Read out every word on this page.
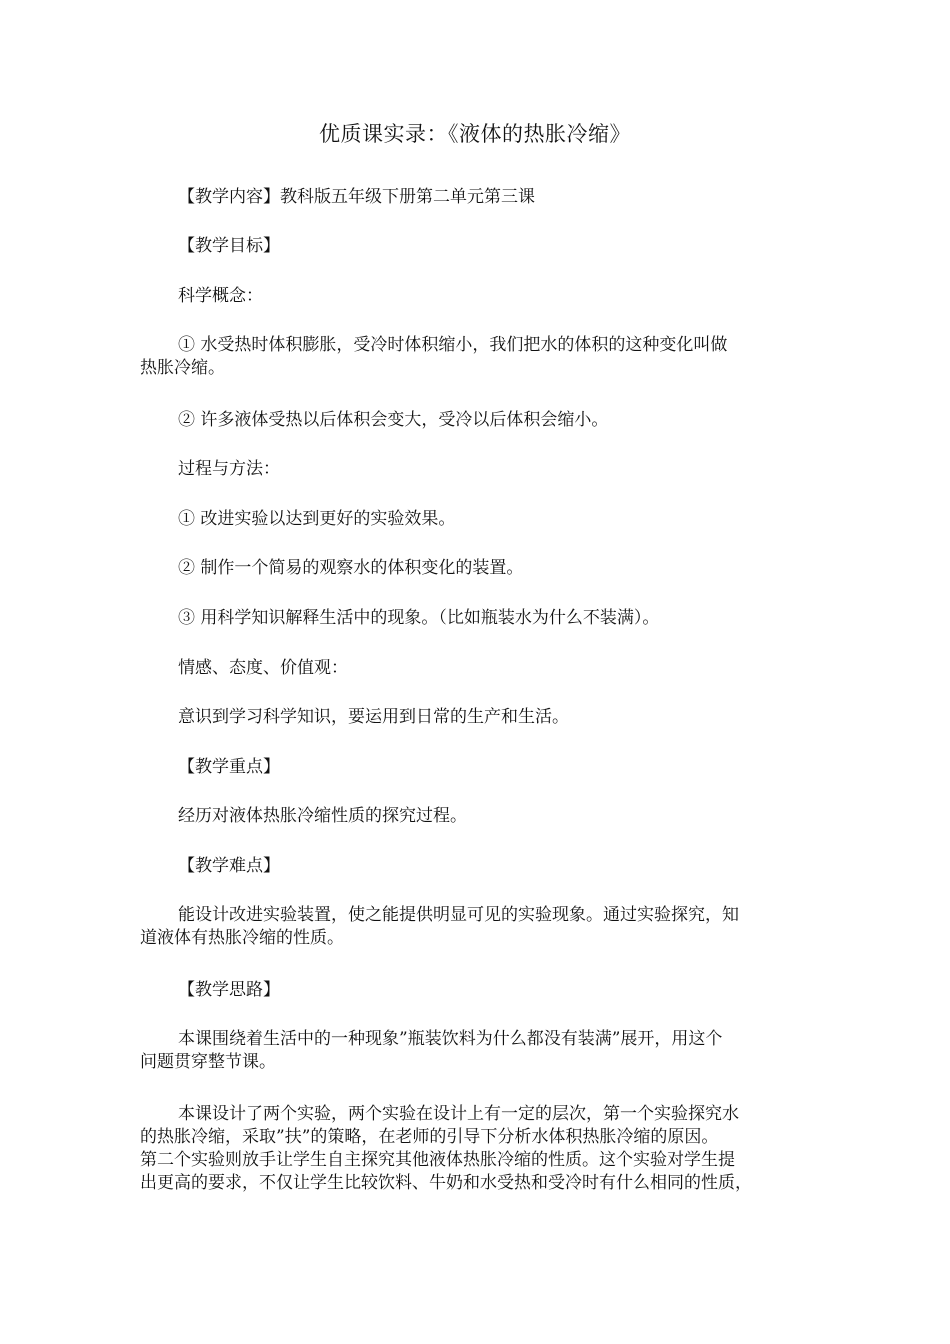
优质课实录：《液体的热胀冷缩》
【教学内容】教科版五年级下册第二单元第三课
【教学目标】
科学概念：
① 水受热时体积膨胀，受冷时体积缩小，我们把水的体积的这种变化叫做
热胀冷缩。
② 许多液体受热以后体积会变大，受冷以后体积会缩小。
过程与方法：
① 改进实验以达到更好的实验效果。
② 制作一个简易的观察水的体积变化的装置。
③ 用科学知识解释生活中的现象。（比如瓶装水为什么不装满）。
情感、态度、价值观：
意识到学习科学知识，要运用到日常的生产和生活。
【教学重点】
经历对液体热胀冷缩性质的探究过程。
【教学难点】
能设计改进实验装置，使之能提供明显可见的实验现象。通过实验探究，知
道液体有热胀冷缩的性质。
【教学思路】
本课围绕着生活中的一种现象”瓶装饮料为什么都没有装满”展开，用这个
问题贯穿整节课。
本课设计了两个实验，两个实验在设计上有一定的层次，第一个实验探究水
的热胀冷缩，采取”扶”的策略，在老师的引导下分析水体积热胀冷缩的原因。
第二个实验则放手让学生自主探究其他液体热胀冷缩的性质。这个实验对学生提
出更高的要求，不仅让学生比较饮料、牛奶和水受热和受冷时有什么相同的性质，
